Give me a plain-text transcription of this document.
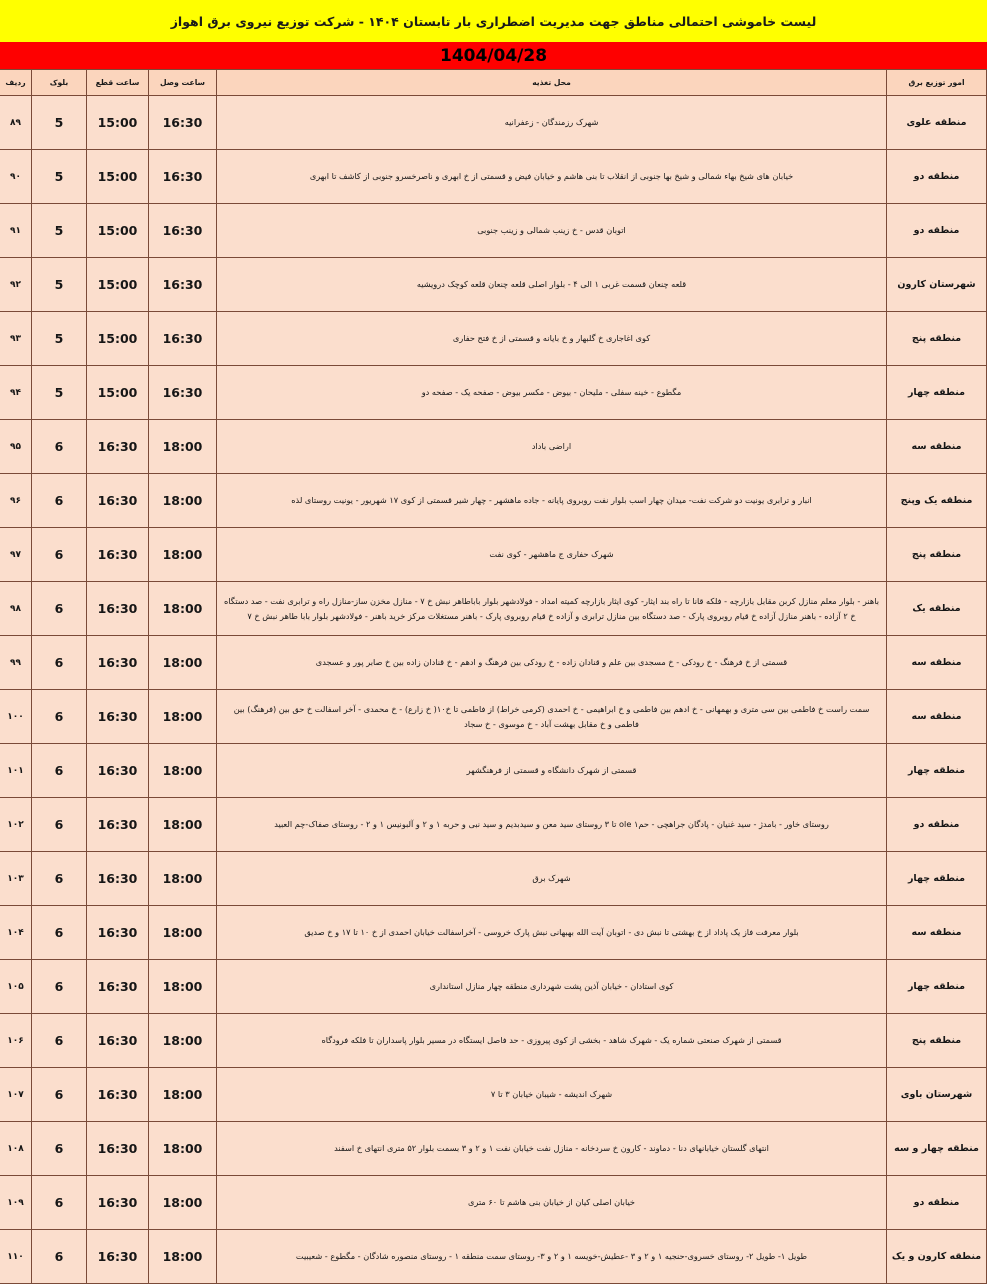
لیست خاموشی احتمالی مناطق جهت مدیریت اضطراری بار تابستان ۱۴۰۴ - شرکت توزیع نیروی برق اهواز
1404/04/28
امور توزیع برق	محل تغذیه	ساعت وصل	ساعت قطع	بلوک	ردیف
منطقه علوی	شهرک رزمندگان - زعفرانیه	16:30	15:00	5	۸۹
منطقه دو	خیابان های شیخ بهاء شمالی و شیخ بها جنوبی از انقلاب تا بنی هاشم و خیابان فیض و قسمتی از خ ابهری و ناصرخسرو جنوبی از کاشف تا ابهری	16:30	15:00	5	۹۰
منطقه دو	اتوبان قدس - خ زینب شمالی و زینب جنوبی	16:30	15:00	5	۹۱
شهرستان کارون	قلعه چنعان قسمت غربی ۱ الی ۴ - بلوار اصلی قلعه چنعان قلعه کوچک درویشیه	16:30	15:00	5	۹۲
منطقه پنج	کوی اغاجاری خ گلبهار و خ بایانه و قسمتی از خ فتح حفاری	16:30	15:00	5	۹۳
منطقه چهار	مگطوع - خینه سفلی - ملیحان - بیوض - مکسر بیوض - صفحه یک - صفحه دو	16:30	15:00	5	۹۴
منطقه سه	اراضی باداد	18:00	16:30	6	۹۵
منطقه یک وپنج	انبار و ترابری یونیت دو شرکت نفت- میدان چهار اسب بلوار نفت روبروی پایانه - جاده ماهشهر - چهار شیر قسمتی از کوی ۱۷ شهریور - یونیت روستای لذه	18:00	16:30	6	۹۶
منطقه پنج	شهرک حفاری ج ماهشهر - کوی نفت	18:00	16:30	6	۹۷
منطقه یک	باهنر - بلوار معلم منازل کربن مقابل بازارچه - فلکه قانا تا راه بند ایثار- کوی ایثار بازارچه کمیته امداد - فولادشهر بلوار باباطاهر نبش خ ۷ - منازل مخزن ساز-منازل راه و ترابری نفت - صد دستگاه خ ۲ آزاده - باهنر منازل آزاده خ قیام روبروی پارک - صد دستگاه بین منازل ترابری و آزاده خ قیام روبروی پارک - باهنر مستغلات مرکز خرید باهنر - فولادشهر بلوار بابا طاهر نبش خ ۷	18:00	16:30	6	۹۸
منطقه سه	قسمتی از خ فرهنگ - خ رودکی - خ مسجدی بین علم و قنادان زاده - خ رودکی بین فرهنگ و ادهم - خ قنادان زاده بین خ صابر پور و عسجدی	18:00	16:30	6	۹۹
منطقه سه	سمت راست خ فاطمی بین سی متری و بهمهانی - خ ادهم بین فاطمی و خ ابراهیمی - خ احمدی (کرمی خراط) از فاطمی تا خ۱۰( خ زارع) - خ محمدی - آخر اسفالت خ حق بین (فرهنگ) بین فاطمی و خ مقابل بهشت آباد - خ موسوی - خ سجاد	18:00	16:30	6	۱۰۰
منطقه چهار	قسمتی از شهرک دانشگاه و قسمتی از فرهنگشهر	18:00	16:30	6	۱۰۱
منطقه دو	روستای خاور - بامدژ - سید غنیان - پادگان جراهچی - حمole ۱ تا ۳ روستای سید معن و سیدبدیم و سید نبی و حربه ۱ و ۲ و آلبونیس ۱ و ۲ - روستای صفاک-چم العبید	18:00	16:30	6	۱۰۲
منطقه چهار	شهرک برق	18:00	16:30	6	۱۰۳
منطقه سه	بلوار معرفت فاز یک پاداد از خ بهشتی تا نبش دی - اتوبان آیت الله بهبهانی نبش پارک خروسی - آخراسفالت خیابان احمدی از خ ۱۰ تا ۱۷ و خ صدیق	18:00	16:30	6	۱۰۴
منطقه چهار	کوی استادان - خیابان آذین پشت شهرداری منطقه چهار منازل استانداری	18:00	16:30	6	۱۰۵
منطقه پنج	قسمتی از شهرک صنعتی شماره یک - شهرک شاهد - بخشی از کوی پیروزی - حد فاصل ایستگاه در مسیر بلوار پاسداران تا فلکه فرودگاه	18:00	16:30	6	۱۰۶
شهرستان باوی	شهرک اندیشه - شیبان خیابان ۳ تا ۷	18:00	16:30	6	۱۰۷
منطقه چهار و سه	انتهای گلستان خیابانهای دنا - دماوند - کارون خ سردخانه - منازل نفت خیابان نفت ۱ و ۲ و ۳ بسمت بلوار ۵۲ متری انتهای خ اسفند	18:00	16:30	6	۱۰۸
منطقه دو	خیابان اصلی کیان از خیابان بنی هاشم تا ۶۰ متری	18:00	16:30	6	۱۰۹
منطقه کارون و یک	طویل ۱- طویل ۲- روستای خسروی-حنجیه ۱ و ۲ و ۳ -عطیش-خویسه ۱ و ۲ و ۳- روستای سمت منطقه ۱ - روستای منصوره شادگان - مگطوع - شعیبیت	18:00	16:30	6	۱۱۰
